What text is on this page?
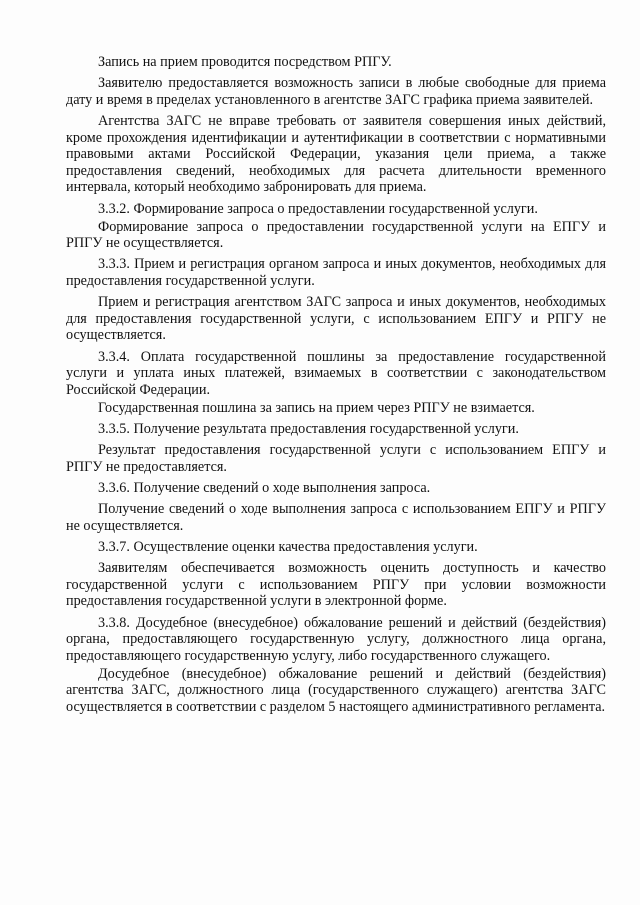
Запись на прием проводится посредством РПГУ.

Заявителю предоставляется возможность записи в любые свободные для приема дату и время в пределах установленного в агентстве ЗАГС графика приема заявителей.

Агентства ЗАГС не вправе требовать от заявителя совершения иных действий, кроме прохождения идентификации и аутентификации в соответствии с нормативными правовыми актами Российской Федерации, указания цели приема, а также предоставления сведений, необходимых для расчета длительности временного интервала, который необходимо забронировать для приема.

3.3.2. Формирование запроса о предоставлении государственной услуги.

Формирование запроса о предоставлении государственной услуги на ЕПГУ и РПГУ не осуществляется.

3.3.3. Прием и регистрация органом запроса и иных документов, необходимых для предоставления государственной услуги.

Прием и регистрация агентством ЗАГС запроса и иных документов, необходимых для предоставления государственной услуги, с использованием ЕПГУ и РПГУ не осуществляется.

3.3.4. Оплата государственной пошлины за предоставление государственной услуги и уплата иных платежей, взимаемых в соответствии с законодательством Российской Федерации.

Государственная пошлина за запись на прием через РПГУ не взимается.

3.3.5. Получение результата предоставления государственной услуги.

Результат предоставления государственной услуги с использованием ЕПГУ и РПГУ не предоставляется.

3.3.6. Получение сведений о ходе выполнения запроса.

Получение сведений о ходе выполнения запроса с использованием ЕПГУ и РПГУ не осуществляется.

3.3.7. Осуществление оценки качества предоставления услуги.

Заявителям обеспечивается возможность оценить доступность и качество государственной услуги с использованием РПГУ при условии возможности предоставления государственной услуги в электронной форме.

3.3.8. Досудебное (внесудебное) обжалование решений и действий (бездействия) органа, предоставляющего государственную услугу, должностного лица органа, предоставляющего государственную услугу, либо государственного служащего.

Досудебное (внесудебное) обжалование решений и действий (бездействия) агентства ЗАГС, должностного лица (государственного служащего) агентства ЗАГС осуществляется в соответствии с разделом 5 настоящего административного регламента.
